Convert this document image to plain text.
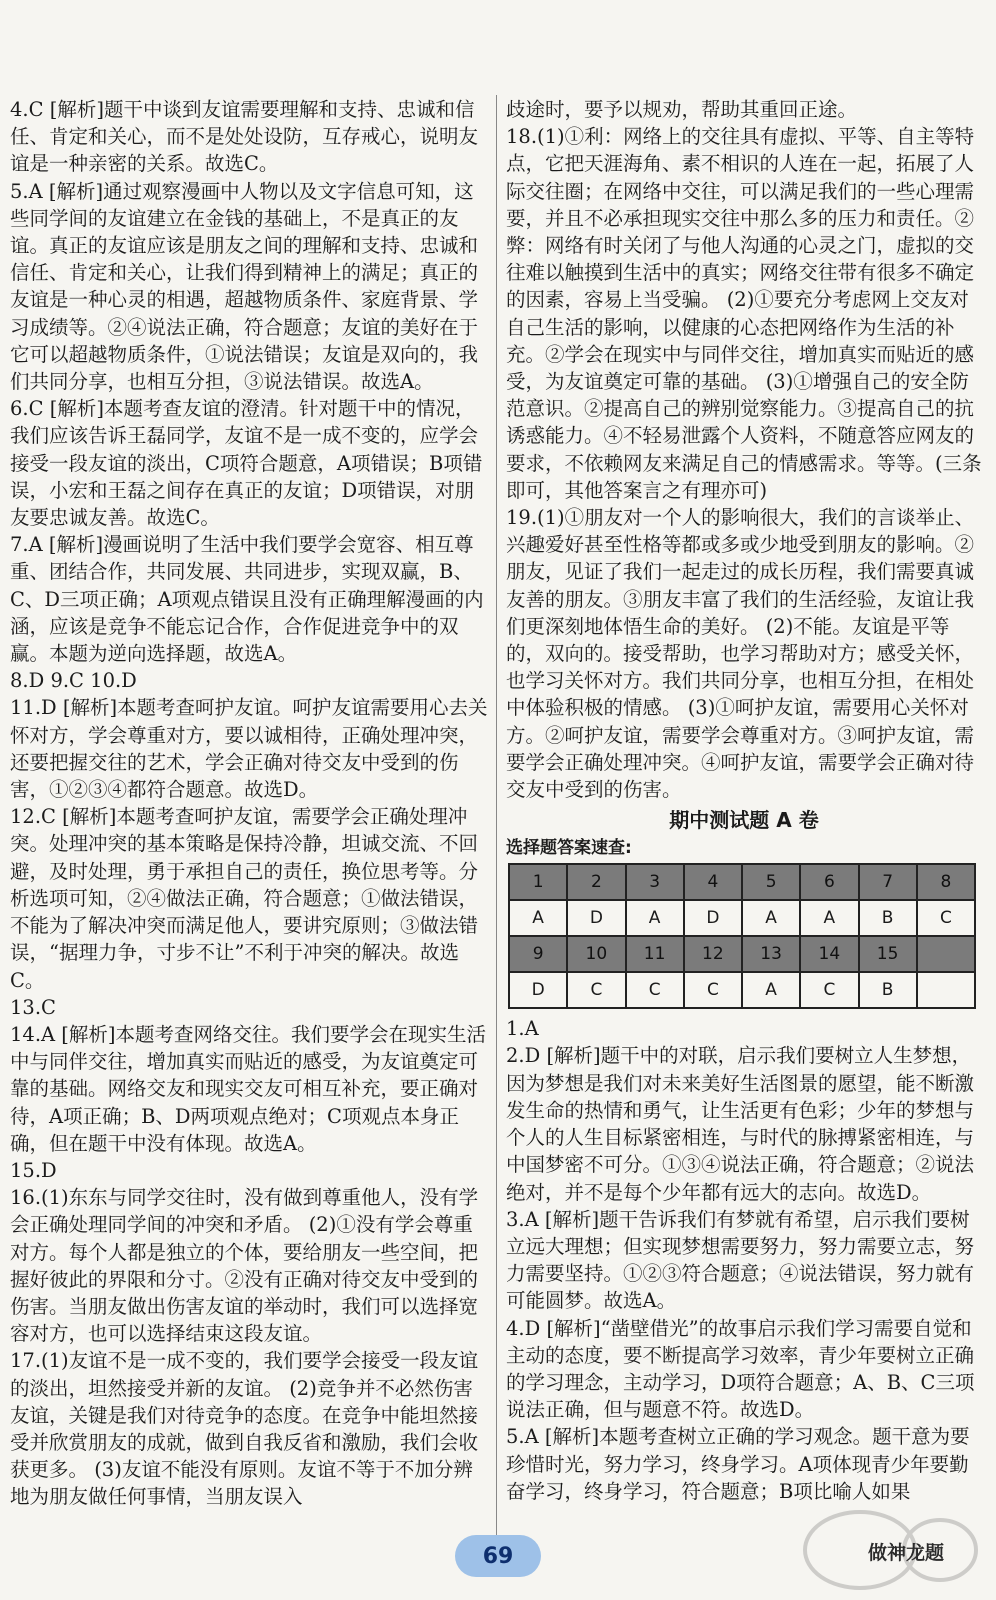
4.C [解析]题干中谈到友谊需要理解和支持、忠诚和信任、肯定和关心，而不是处处设防，互存戒心，说明友谊是一种亲密的关系。故选C。

5.A [解析]通过观察漫画中人物以及文字信息可知，这些同学间的友谊建立在金钱的基础上，不是真正的友谊。真正的友谊应该是朋友之间的理解和支持、忠诚和信任、肯定和关心，让我们得到精神上的满足；真正的友谊是一种心灵的相遇，超越物质条件、家庭背景、学习成绩等。②④说法正确，符合题意；友谊的美好在于它可以超越物质条件，①说法错误；友谊是双向的，我们共同分享，也相互分担，③说法错误。故选A。

6.C [解析]本题考查友谊的澄清。针对题干中的情况，我们应该告诉王磊同学，友谊不是一成不变的，应学会接受一段友谊的淡出，C项符合题意，A项错误；B项错误，小宏和王磊之间存在真正的友谊；D项错误，对朋友要忠诚友善。故选C。

7.A [解析]漫画说明了生活中我们要学会宽容、相互尊重、团结合作，共同发展、共同进步，实现双赢，B、C、D三项正确；A项观点错误且没有正确理解漫画的内涵，应该是竞争不能忘记合作，合作促进竞争中的双赢。本题为逆向选择题，故选A。

8.D 9.C 10.D

11.D [解析]本题考查呵护友谊。呵护友谊需要用心去关怀对方，学会尊重对方，要以诚相待，正确处理冲突，还要把握交往的艺术，学会正确对待交友中受到的伤害，①②③④都符合题意。故选D。

12.C [解析]本题考查呵护友谊，需要学会正确处理冲突。处理冲突的基本策略是保持冷静，坦诚交流、不回避，及时处理，勇于承担自己的责任，换位思考等。分析选项可知，②④做法正确，符合题意；①做法错误，不能为了解决冲突而满足他人，要讲究原则；③做法错误，“据理力争，寸步不让”不利于冲突的解决。故选C。

13.C

14.A [解析]本题考查网络交往。我们要学会在现实生活中与同伴交往，增加真实而贴近的感受，为友谊奠定可靠的基础。网络交友和现实交友可相互补充，要正确对待，A项正确；B、D两项观点绝对；C项观点本身正确，但在题干中没有体现。故选A。

15.D

16.(1)东东与同学交往时，没有做到尊重他人，没有学会正确处理同学间的冲突和矛盾。 (2)①没有学会尊重对方。每个人都是独立的个体，要给朋友一些空间，把握好彼此的界限和分寸。②没有正确对待交友中受到的伤害。当朋友做出伤害友谊的举动时，我们可以选择宽容对方，也可以选择结束这段友谊。

17.(1)友谊不是一成不变的，我们要学会接受一段友谊的淡出，坦然接受并新的友谊。 (2)竞争并不必然伤害友谊，关键是我们对待竞争的态度。在竞争中能坦然接受并欣赏朋友的成就，做到自我反省和激励，我们会收获更多。 (3)友谊不能没有原则。友谊不等于不加分辨地为朋友做任何事情，当朋友误入

歧途时，要予以规劝，帮助其重回正途。

18.(1)①利：网络上的交往具有虚拟、平等、自主等特点，它把天涯海角、素不相识的人连在一起，拓展了人际交往圈；在网络中交往，可以满足我们的一些心理需要，并且不必承担现实交往中那么多的压力和责任。②弊：网络有时关闭了与他人沟通的心灵之门，虚拟的交往难以触摸到生活中的真实；网络交往带有很多不确定的因素，容易上当受骗。 (2)①要充分考虑网上交友对自己生活的影响，以健康的心态把网络作为生活的补充。②学会在现实中与同伴交往，增加真实而贴近的感受，为友谊奠定可靠的基础。 (3)①增强自己的安全防范意识。②提高自己的辨别觉察能力。③提高自己的抗诱惑能力。④不轻易泄露个人资料，不随意答应网友的要求，不依赖网友来满足自己的情感需求。等等。(三条即可，其他答案言之有理亦可)

19.(1)①朋友对一个人的影响很大，我们的言谈举止、兴趣爱好甚至性格等都或多或少地受到朋友的影响。②朋友，见证了我们一起走过的成长历程，我们需要真诚友善的朋友。③朋友丰富了我们的生活经验，友谊让我们更深刻地体悟生命的美好。 (2)不能。友谊是平等的，双向的。接受帮助，也学习帮助对方；感受关怀，也学习关怀对方。我们共同分享，也相互分担，在相处中体验积极的情感。 (3)①呵护友谊，需要用心关怀对方。②呵护友谊，需要学会尊重对方。③呵护友谊，需要学会正确处理冲突。④呵护友谊，需要学会正确对待交友中受到的伤害。

期中测试题 A 卷
选择题答案速查:
1	2	3	4	5	6	7	8
A	D	A	D	A	A	B	C
9	10	11	12	13	14	15	
D	C	C	C	A	C	B	

1.A

2.D [解析]题干中的对联，启示我们要树立人生梦想，因为梦想是我们对未来美好生活图景的愿望，能不断激发生命的热情和勇气，让生活更有色彩；少年的梦想与个人的人生目标紧密相连，与时代的脉搏紧密相连，与中国梦密不可分。①③④说法正确，符合题意；②说法绝对，并不是每个少年都有远大的志向。故选D。

3.A [解析]题干告诉我们有梦就有希望，启示我们要树立远大理想；但实现梦想需要努力，努力需要立志，努力需要坚持。①②③符合题意；④说法错误，努力就有可能圆梦。故选A。

4.D [解析]“凿壁借光”的故事启示我们学习需要自觉和主动的态度，要不断提高学习效率，青少年要树立正确的学习理念，主动学习，D项符合题意；A、B、C三项说法正确，但与题意不符。故选D。

5.A [解析]本题考查树立正确的学习观念。题干意为要珍惜时光，努力学习，终身学习。A项体现青少年要勤奋学习，终身学习，符合题意；B项比喻人如果

69	做神龙题
